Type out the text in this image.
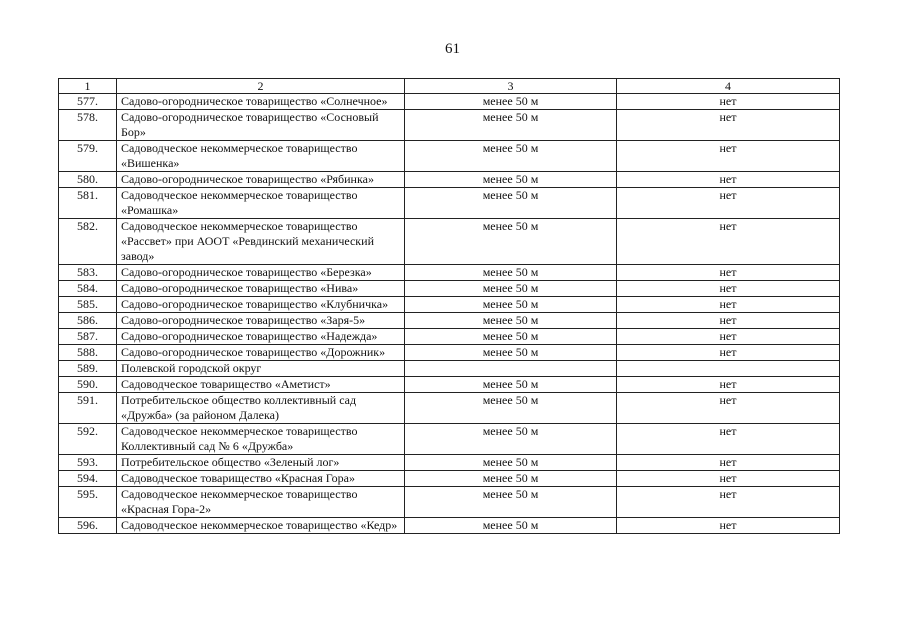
61
1	2	3	4
577.	Садово-огородническое товарищество «Солнечное»	менее 50 м	нет
578.	Садово-огородническое товарищество «Сосновый Бор»	менее 50 м	нет
579.	Садоводческое некоммерческое товарищество «Вишенка»	менее 50 м	нет
580.	Садово-огородническое товарищество «Рябинка»	менее 50 м	нет
581.	Садоводческое некоммерческое товарищество «Ромашка»	менее 50 м	нет
582.	Садоводческое некоммерческое товарищество «Рассвет» при АООТ «Ревдинский механический завод»	менее 50 м	нет
583.	Садово-огородническое товарищество «Березка»	менее 50 м	нет
584.	Садово-огородническое товарищество «Нива»	менее 50 м	нет
585.	Садово-огородническое товарищество «Клубничка»	менее 50 м	нет
586.	Садово-огородническое товарищество «Заря-5»	менее 50 м	нет
587.	Садово-огородническое товарищество «Надежда»	менее 50 м	нет
588.	Садово-огородническое товарищество «Дорожник»	менее 50 м	нет
589.	Полевской городской округ		
590.	Садоводческое товарищество «Аметист»	менее 50 м	нет
591.	Потребительское общество коллективный сад «Дружба» (за районом Далека)	менее 50 м	нет
592.	Садоводческое некоммерческое товарищество Коллективный сад № 6 «Дружба»	менее 50 м	нет
593.	Потребительское общество «Зеленый лог»	менее 50 м	нет
594.	Садоводческое товарищество «Красная Гора»	менее 50 м	нет
595.	Садоводческое некоммерческое товарищество «Красная Гора-2»	менее 50 м	нет
596.	Садоводческое некоммерческое товарищество «Кедр»	менее 50 м	нет
